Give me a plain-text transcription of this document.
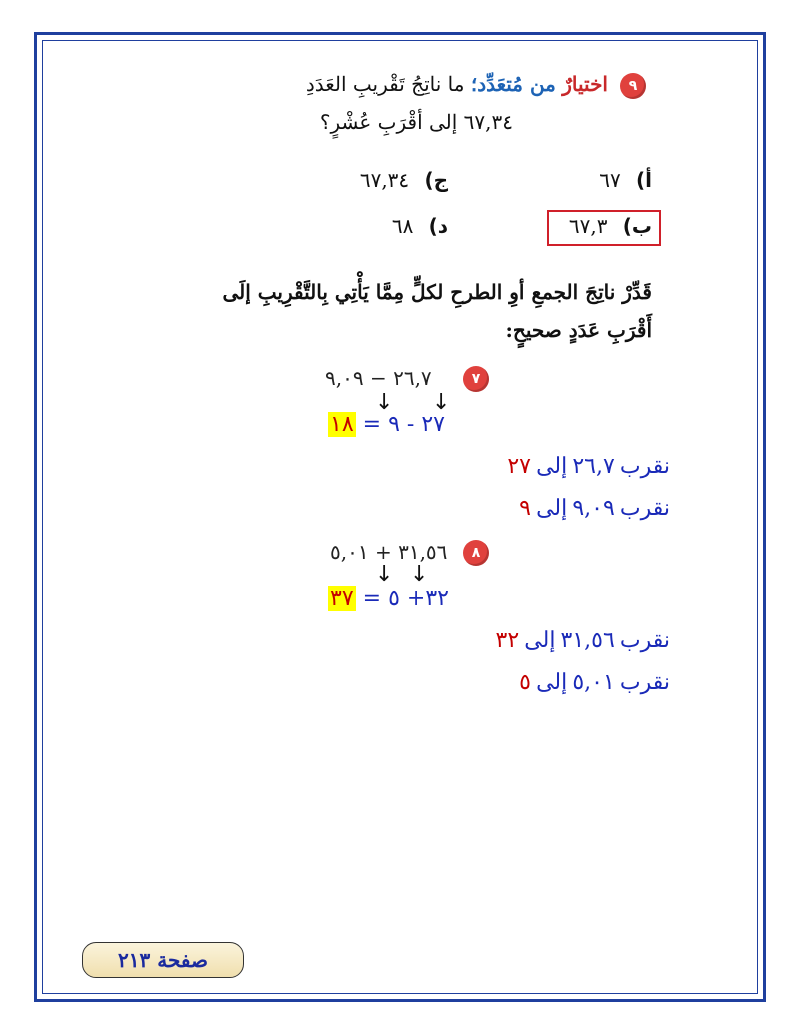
٩
اختيارٌ من مُتعَدِّد؛ ما ناتِجُ تَقْريبِ العَدَدِ
٦٧,٣٤ إلى أقْرَبِ عُشْرٍ؟
أ)   ٦٧
ج)   ٦٧,٣٤
ب)   ٦٧,٣
د)   ٦٨
قَدِّرْ ناتِجَ الجمعِ أوِ الطرحِ لكلٍّ مِمَّا يَأْتِي بِالتَّقْرِيبِ إلَى
أَقْرَبِ عَدَدٍ صحيحٍ:
٧
٢٦,٧ − ٩,٠٩
↓ ↓
١٨ = ٢٧ - ٩
نقرب ٢٦,٧ إلى ٢٧
نقرب ٩,٠٩ إلى ٩
٨
٣١,٥٦ + ٥,٠١
↓ ↓
٣٧ = ٣٢+ ٥
نقرب ٣١,٥٦ إلى ٣٢
نقرب ٥,٠١ إلى ٥
صفحة ٢١٣
